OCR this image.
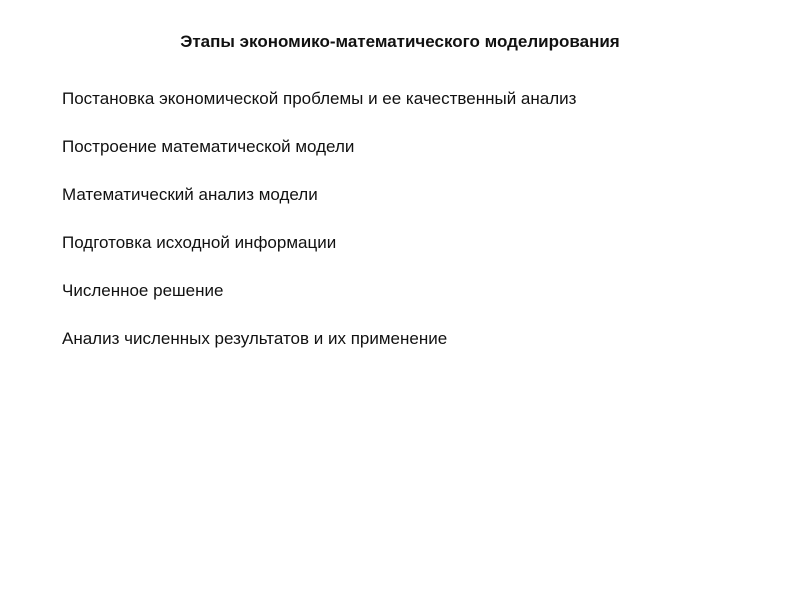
Этапы экономико-математического моделирования
Постановка экономической проблемы и ее качественный анализ
Построение математической модели
Математический анализ модели
Подготовка исходной информации
Численное решение
Анализ численных результатов и их применение
